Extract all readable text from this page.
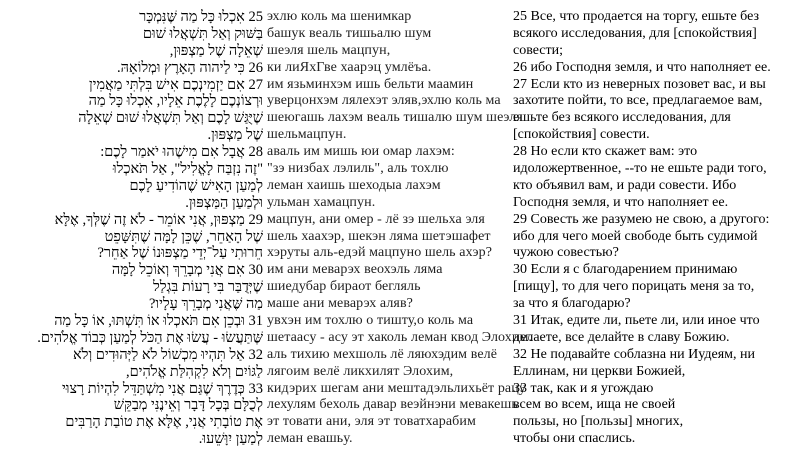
25 אִכְלוּ כָּל מַה שֶּׁנִּמְכָּר
בַּשּׁוּק וְאַל תִּשְׁאֲלוּ שׁוּם
שְׁאֵלָה שֶׁל מַצְפּוּן,
26 כִּי לַיהוה הָאָרֶץ וּמְלוֹאָהּ.
27 אִם יַזְמִינְכֶם אִישׁ בִּלְתִּי מַאֲמִין
וּרְצוֹנְכֶם לָלֶכֶת אֵלָיו, אִכְלוּ כָּל מַה
שֶׁיֻּגַּשׁ לָכֶם וְאַל תִּשְׁאֲלוּ שׁוּם שְׁאֵלָה
שֶׁל מַצְפּוּן.
28 אֲבָל אִם מִישֶׁהוּ יֹאמַר לָכֶם:
"זֶה נִזְבַּח לָאֱלִיל", אַל תֹּאכְלוּ
לְמַעַן הָאִישׁ שֶׁהוֹדִיעַ לָכֶם
וּלְמַעַן הַמַּצְפּוּן.
29 מַצְפּוּן, אֲנִי אוֹמֵר - לֹא זֶה שֶׁלְּךָ, אֶלָּא
שֶׁל הָאַחֵר, שֶׁכֵּן לָמָּה שֶׁתִּשָּׁפֵט
חֵרוּתִי עַל־יְדֵי מַצְפּוּנוֹ שֶׁל אַחֵר?
30 אִם אֲנִי מְבָרֵךְ וְאוֹכֵל לָמָּה
שֶׁיְּדֻבַּר בִּי רָעוֹת בִּגְלַל
מַה שֶּׁאֲנִי מְבָרֵךְ עָלָיו?
31 וּבְכֵן אִם תֹּאכְלוּ אוֹ תִּשְׁתּוּ, אוֹ כָּל מַה
שֶּׁתַּעֲשׂוּ - עֲשׂוּ אֶת הַכֹּל לְמַעַן כְּבוֹד אֱלֹהִים.
32 אַל תִּהְיוּ מִכְשׁוֹל לֹא לַיְּהוּדִים וְלֹא
לַגּוֹיִם וְלֹא לִקְהִלַּת אֱלֹהִים,
33 כְּדֶרֶךְ שֶׁגַּם אֲנִי מִשְׁתַּדֵּל לִהְיוֹת רָצוּי
לְכֻלָּם בְּכָל דָּבָר וְאֵינֶנִּי מְבַקֵּשׁ
אֶת טוֹבָתִי אֲנִי, אֶלָּא אֶת טוֹבַת הָרַבִּים
לְמַעַן יִוָּשֵׁעוּ.
эхлю коль ма шенимкар
башук веаль тишьалю шум
шеэля шель мацпун,
ки лиЯхГве хаарэц умлёъа.
им язьминхэм ишь бельти маамин
уверцонхэм лялехэт эляв,эхлю коль ма
шеюгашь лахэм веаль тишалю шум шеэля
шельмацпун.
аваль им мишь юи омар лахэм:
"зэ низбах лэлиль", аль тохлю
леман хаишь шеходыа лахэм
ульман хамацпун.
мацпун, ани омер - лё зэ шельха эля
шель хаахэр, шекэн ляма шетэшафет
хэруты аль-едэй мацпуно шель ахэр?
им ани меварэх веохэль ляма
шиедубар бираот бегляль
маше ани меварэх аляв?
увхэн им тохлю о тишту,о коль ма
шетаасу - асу эт хаколь леман квод Элохим.
аль тихию мехшоль лё ляюхэдим велё
лягоим велё ликхилят Элохим,
кидэрих шегам ани мештадэльлихьёт рацу
лехулям бехоль давар веэйнэни мевакешь
эт товати ани, эля эт товатхарабим
леман евашьу.
25 Все, что продается на торгу, ешьте без
всякого исследования, для [спокойствия]
совести;
26 ибо Господня земля, и что наполняет ее.
27 Если кто из неверных позовет вас, и вы
захотите пойти, то все, предлагаемое вам,
ешьте без всякого исследования, для
[спокойствия] совести.
28 Но если кто скажет вам: это
идоложертвенное, --то не ешьте ради того,
кто объявил вам, и ради совести. Ибо
Господня земля, и что наполняет ее.
29 Совесть же разумею не свою, а другого:
ибо для чего моей свободе быть судимой
чужою совестью?
30 Если я с благодарением принимаю
[пищу], то для чего порицать меня за то,
за что я благодарю?
31 Итак, едите ли, пьете ли, или иное что
делаете, все делайте в славу Божию.
32 Не подавайте соблазна ни Иудеям, ни
Еллинам, ни церкви Божией,
33 так, как и я угождаю
всем во всем, ища не своей
пользы, но [пользы] многих,
чтобы они спаслись.
